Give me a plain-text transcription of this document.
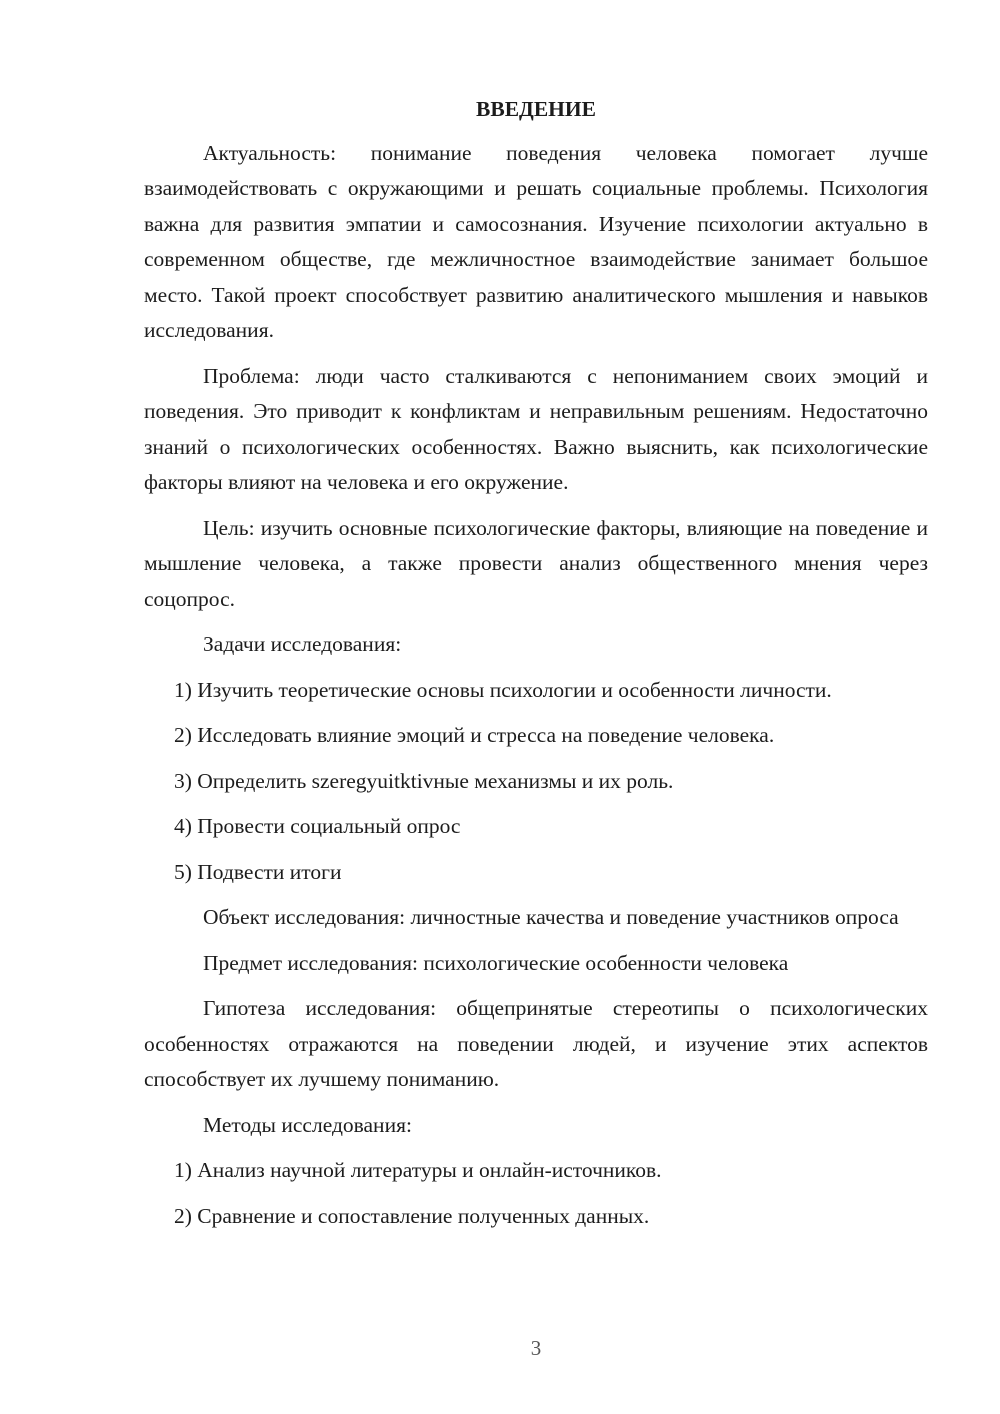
ВВЕДЕНИЕ

Актуальность: понимание поведения человека помогает лучше взаимодействовать с окружающими и решать социальные проблемы. Психология важна для развития эмпатии и самосознания. Изучение психологии актуально в современном обществе, где межличностное взаимодействие занимает большое место. Такой проект способствует развитию аналитического мышления и навыков исследования.

Проблема: люди часто сталкиваются с непониманием своих эмоций и поведения. Это приводит к конфликтам и неправильным решениям. Недостаточно знаний о психологических особенностях. Важно выяснить, как психологические факторы влияют на человека и его окружение.

Цель: изучить основные психологические факторы, влияющие на поведение и мышление человека, а также провести анализ общественного мнения через соцопрос.

Задачи исследования:

1) Изучить теоретические основы психологии и особенности личности.

2) Исследовать влияние эмоций и стресса на поведение человека.

3) Определить szeregyuitktivные механизмы и их роль.

4) Провести социальный опрос

5) Подвести итоги

Объект исследования: личностные качества и поведение участников опроса

Предмет исследования: психологические особенности человека

Гипотеза исследования: общепринятые стереотипы о психологических особенностях отражаются на поведении людей, и изучение этих аспектов способствует их лучшему пониманию.

Методы исследования:

1) Анализ научной литературы и онлайн-источников.

2) Сравнение и сопоставление полученных данных.

3
